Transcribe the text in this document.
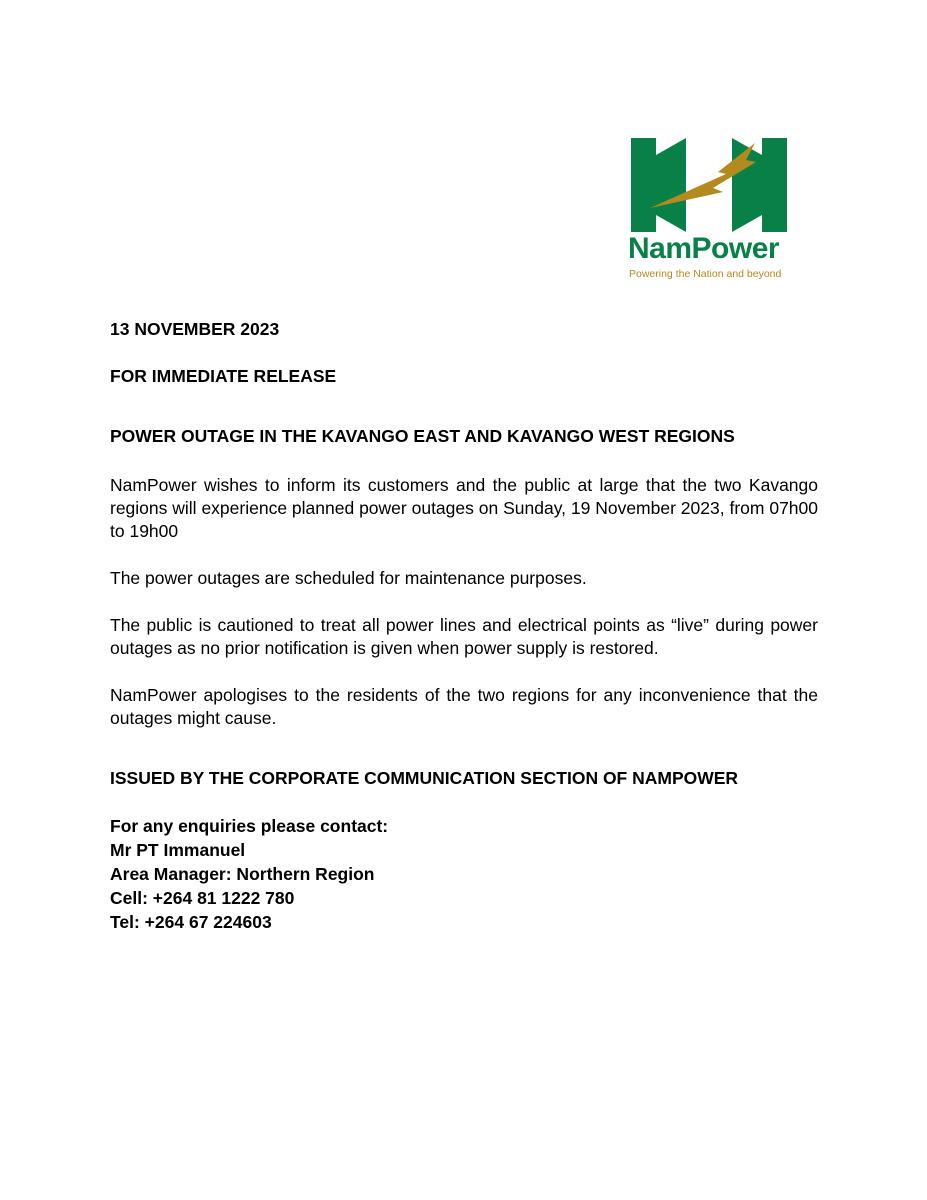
NamPower
Powering the Nation and beyond
13 NOVEMBER 2023
FOR IMMEDIATE RELEASE
POWER OUTAGE IN THE KAVANGO EAST AND KAVANGO WEST REGIONS
NamPower wishes to inform its customers and the public at large that the two Kavango regions will experience planned power outages on Sunday, 19 November 2023, from 07h00 to 19h00
The power outages are scheduled for maintenance purposes.
The public is cautioned to treat all power lines and electrical points as “live” during power outages as no prior notification is given when power supply is restored.
NamPower apologises to the residents of the two regions for any inconvenience that the outages might cause.
ISSUED BY THE CORPORATE COMMUNICATION SECTION OF NAMPOWER
For any enquiries please contact:
Mr PT Immanuel
Area Manager: Northern Region
Cell: +264 81 1222 780
Tel: +264 67 224603
